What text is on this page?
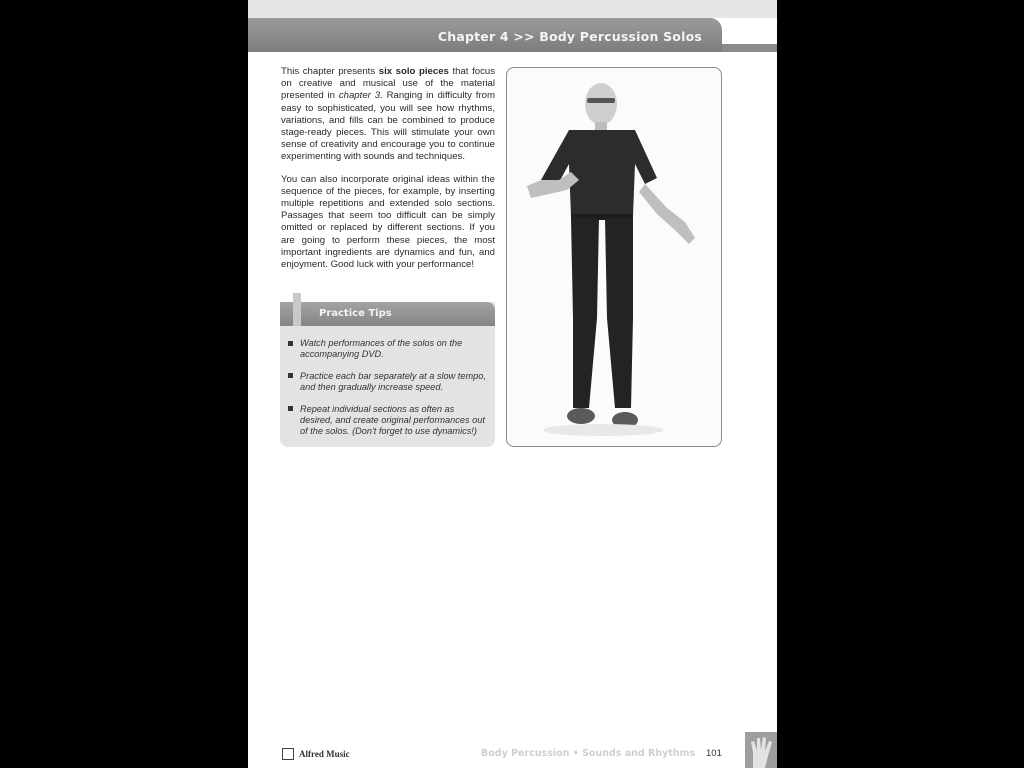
Chapter 4 >> Body Percussion Solos

This chapter presents six solo pieces that focus on creative and musical use of the material presented in chapter 3. Ranging in difficulty from easy to sophisticated, you will see how rhythms, variations, and fills can be combined to produce stage-ready pieces. This will stimulate your own sense of creativity and encourage you to continue experimenting with sounds and techniques.

You can also incorporate original ideas within the sequence of the pieces, for example, by inserting multiple repetitions and extended solo sections. Passages that seem too difficult can be simply omitted or replaced by different sections. If you are going to perform these pieces, the most important ingredients are dynamics and fun, and enjoyment. Good luck with your performance!

Practice Tips
Watch performances of the solos on the accompanying DVD.
Practice each bar separately at a slow tempo, and then gradually increase speed.
Repeat individual sections as often as desired, and create original performances out of the solos. (Don't forget to use dynamics!)
Alfred Music	Body Percussion • Sounds and Rhythms 101
